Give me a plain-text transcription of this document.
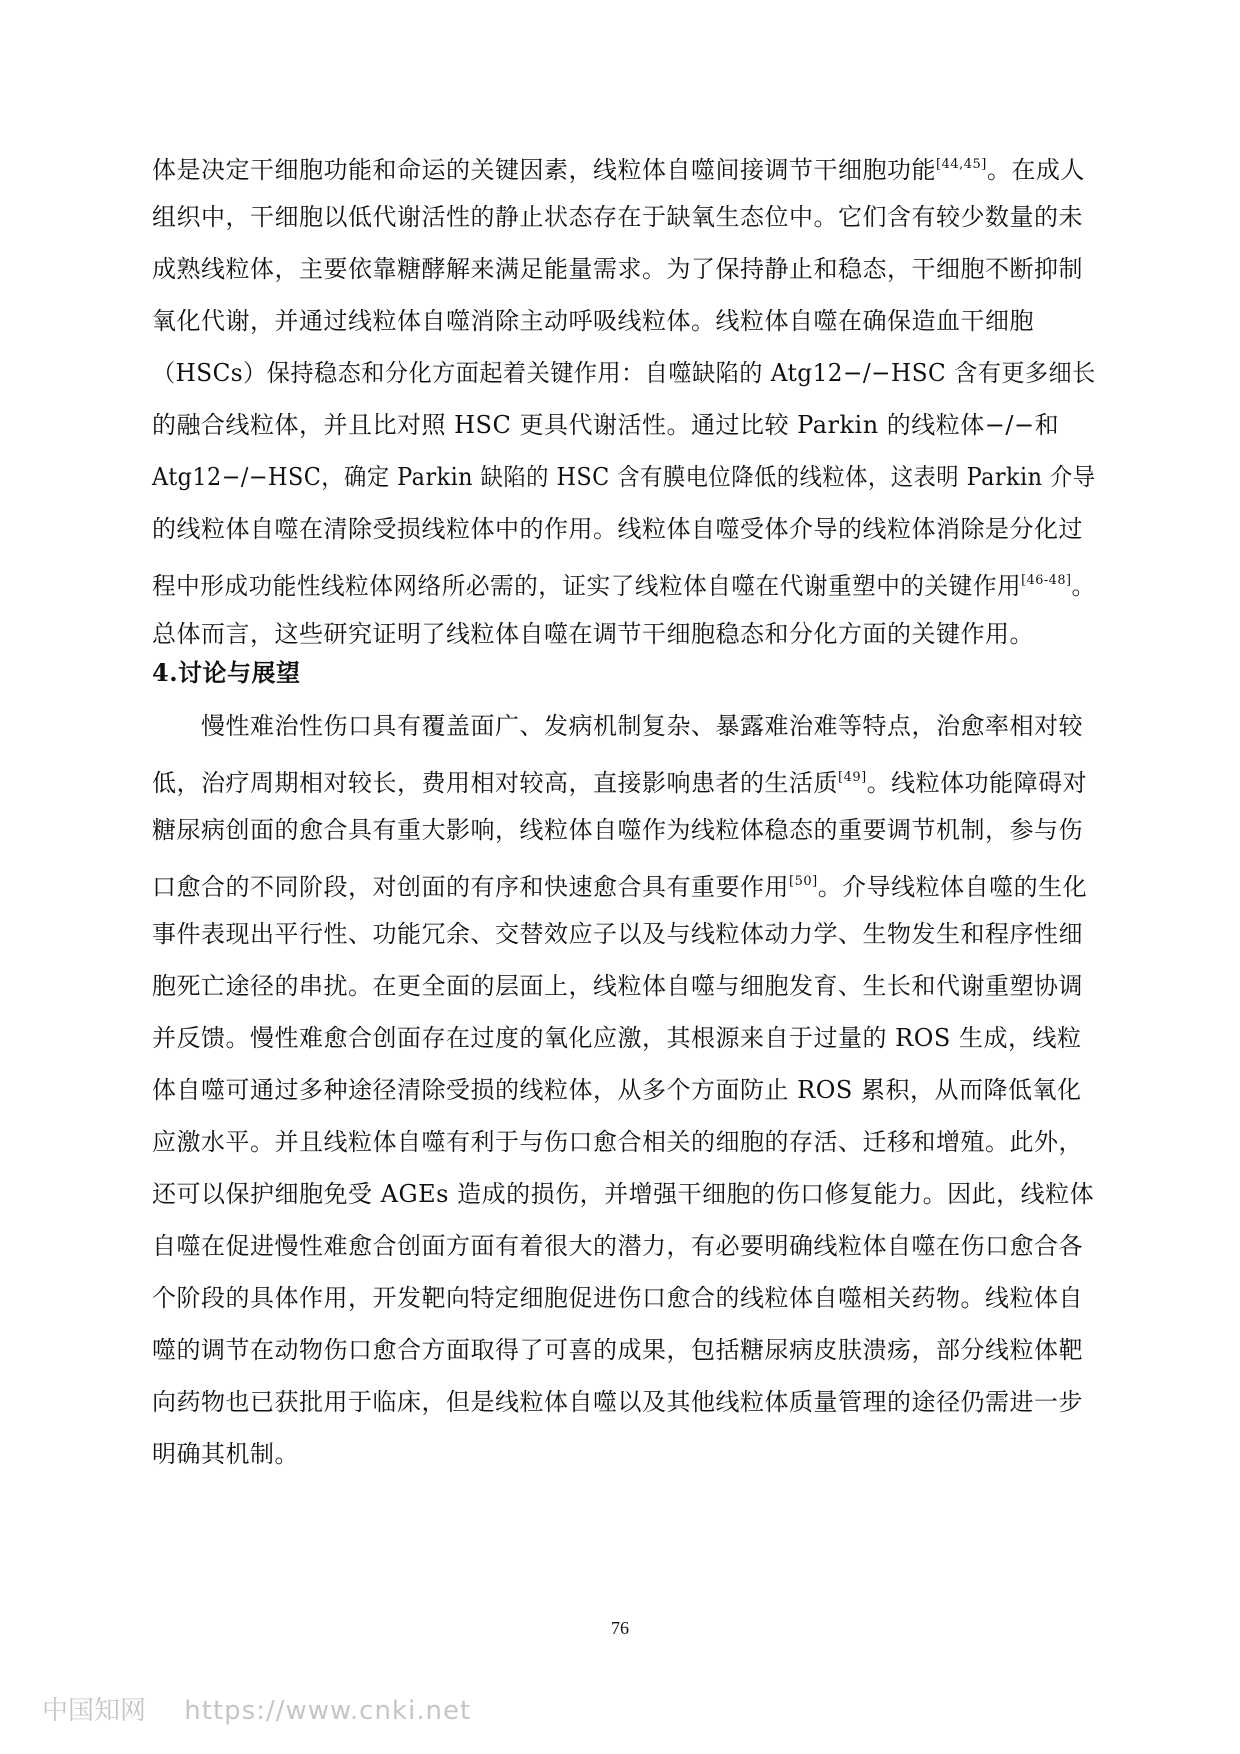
体是决定干细胞功能和命运的关键因素，线粒体自噬间接调节干细胞功能[44,45]。在成人
组织中，干细胞以低代谢活性的静止状态存在于缺氧生态位中。它们含有较少数量的未
成熟线粒体，主要依靠糖酵解来满足能量需求。为了保持静止和稳态，干细胞不断抑制
氧化代谢，并通过线粒体自噬消除主动呼吸线粒体。线粒体自噬在确保造血干细胞
（HSCs）保持稳态和分化方面起着关键作用：自噬缺陷的 Atg12−/−HSC 含有更多细长
的融合线粒体，并且比对照 HSC 更具代谢活性。通过比较 Parkin 的线粒体−/−和
Atg12−/−HSC，确定 Parkin 缺陷的 HSC 含有膜电位降低的线粒体，这表明 Parkin 介导
的线粒体自噬在清除受损线粒体中的作用。线粒体自噬受体介导的线粒体消除是分化过
程中形成功能性线粒体网络所必需的，证实了线粒体自噬在代谢重塑中的关键作用[46-48]。
总体而言，这些研究证明了线粒体自噬在调节干细胞稳态和分化方面的关键作用。
4.讨论与展望
　　慢性难治性伤口具有覆盖面广、发病机制复杂、暴露难治难等特点，治愈率相对较
低，治疗周期相对较长，费用相对较高，直接影响患者的生活质[49]。线粒体功能障碍对
糖尿病创面的愈合具有重大影响，线粒体自噬作为线粒体稳态的重要调节机制，参与伤
口愈合的不同阶段，对创面的有序和快速愈合具有重要作用[50]。介导线粒体自噬的生化
事件表现出平行性、功能冗余、交替效应子以及与线粒体动力学、生物发生和程序性细
胞死亡途径的串扰。在更全面的层面上，线粒体自噬与细胞发育、生长和代谢重塑协调
并反馈。慢性难愈合创面存在过度的氧化应激，其根源来自于过量的 ROS 生成，线粒
体自噬可通过多种途径清除受损的线粒体，从多个方面防止 ROS 累积，从而降低氧化
应激水平。并且线粒体自噬有利于与伤口愈合相关的细胞的存活、迁移和增殖。此外，
还可以保护细胞免受 AGEs 造成的损伤，并增强干细胞的伤口修复能力。因此，线粒体
自噬在促进慢性难愈合创面方面有着很大的潜力，有必要明确线粒体自噬在伤口愈合各
个阶段的具体作用，开发靶向特定细胞促进伤口愈合的线粒体自噬相关药物。线粒体自
噬的调节在动物伤口愈合方面取得了可喜的成果，包括糖尿病皮肤溃疡，部分线粒体靶
向药物也已获批用于临床，但是线粒体自噬以及其他线粒体质量管理的途径仍需进一步
明确其机制。
76
中国知网 https://www.cnki.net
